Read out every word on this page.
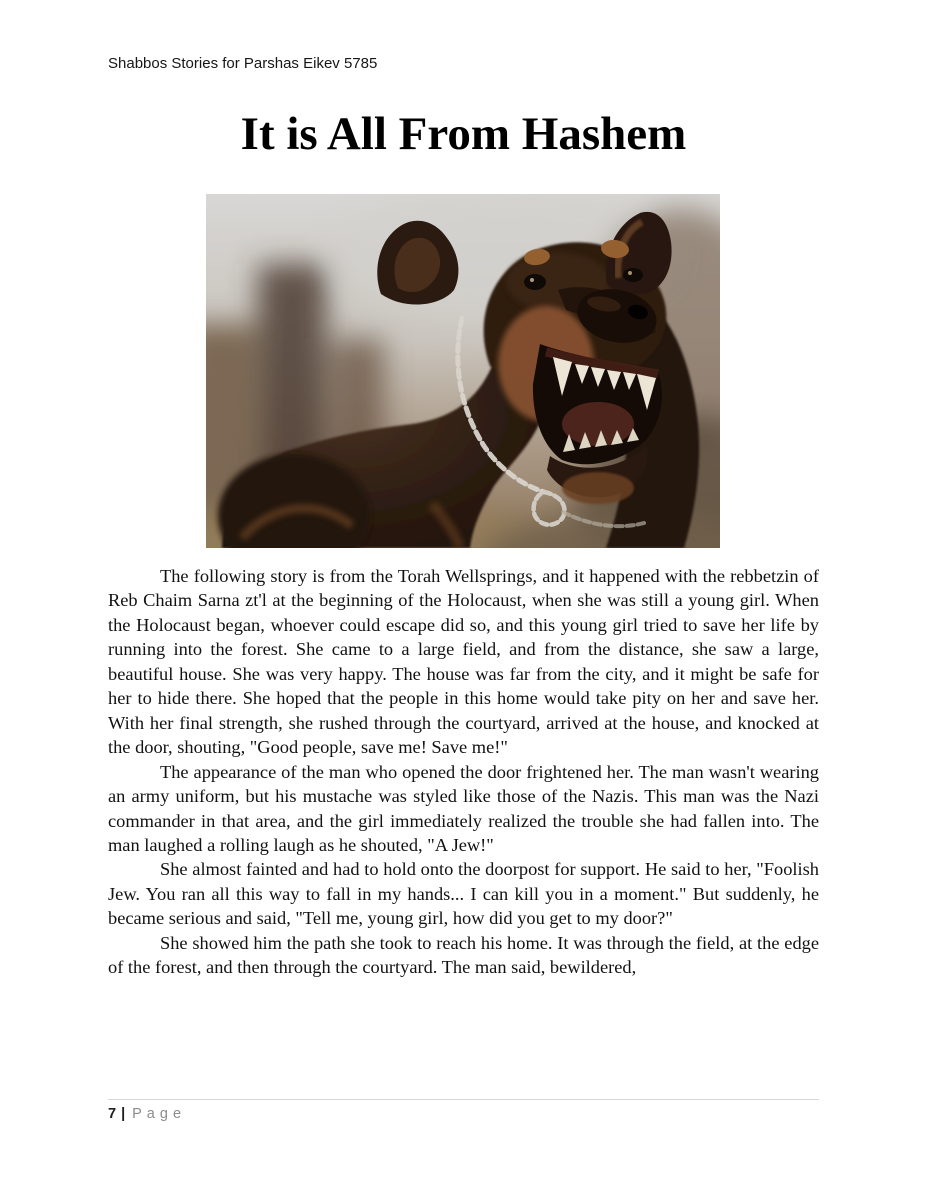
Shabbos Stories for Parshas Eikev 5785
It is All From Hashem

The following story is from the Torah Wellsprings, and it happened with the rebbetzin of Reb Chaim Sarna zt'l at the beginning of the Holocaust, when she was still a young girl. When the Holocaust began, whoever could escape did so, and this young girl tried to save her life by running into the forest. She came to a large field, and from the distance, she saw a large, beautiful house. She was very happy. The house was far from the city, and it might be safe for her to hide there. She hoped that the people in this home would take pity on her and save her. With her final strength, she rushed through the courtyard, arrived at the house, and knocked at the door, shouting, "Good people, save me! Save me!"

The appearance of the man who opened the door frightened her. The man wasn't wearing an army uniform, but his mustache was styled like those of the Nazis. This man was the Nazi commander in that area, and the girl immediately realized the trouble she had fallen into. The man laughed a rolling laugh as he shouted, "A Jew!"

She almost fainted and had to hold onto the doorpost for support. He said to her, "Foolish Jew. You ran all this way to fall in my hands... I can kill you in a moment." But suddenly, he became serious and said, "Tell me, young girl, how did you get to my door?"

She showed him the path she took to reach his home. It was through the field, at the edge of the forest, and then through the courtyard. The man said, bewildered,

7 | Page
